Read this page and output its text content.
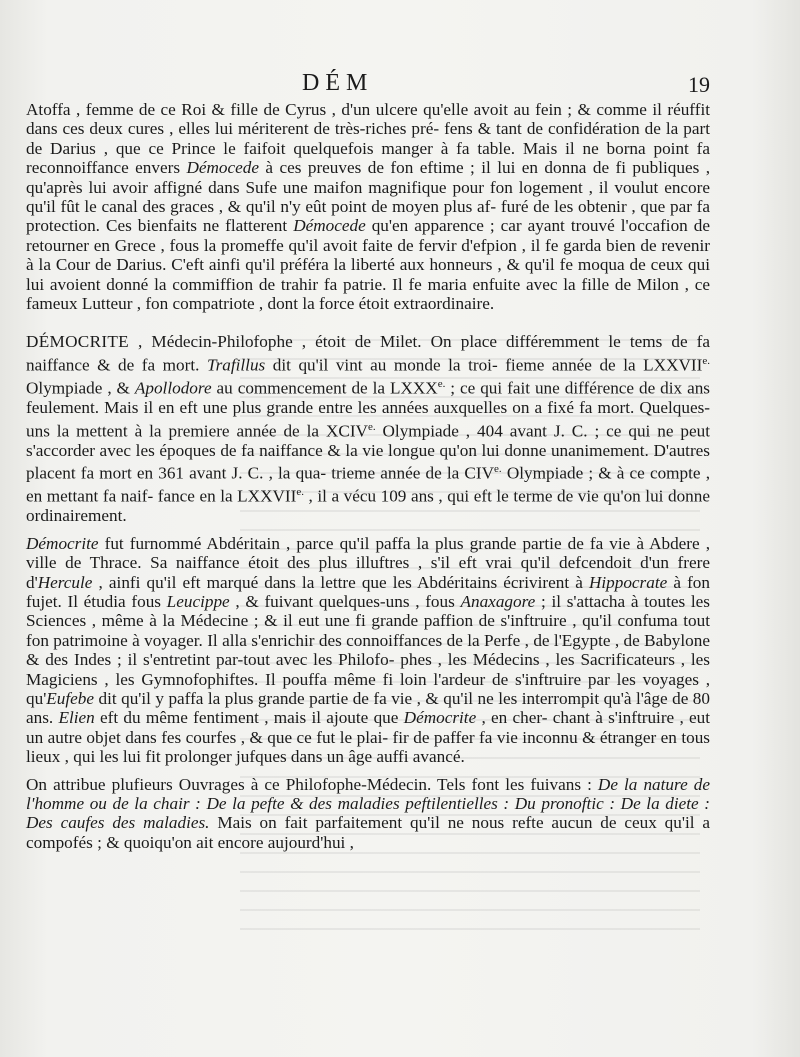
DÉM	19

Atoffa , femme de ce Roi & fille de Cyrus , d'un ulcere qu'elle avoit au fein ; & comme il réuffit dans ces deux cures , elles lui mériterent de très-riches pré- fens & tant de confidération de la part de Darius , que ce Prince le faifoit quelquefois manger à fa table. Mais il ne borna point fa reconnoiffance envers Démocede à ces preuves de fon eftime ; il lui en donna de fi publiques , qu'après lui avoir affigné dans Sufe une maifon magnifique pour fon logement , il voulut encore qu'il fût le canal des graces , & qu'il n'y eût point de moyen plus af- furé de les obtenir , que par fa protection. Ces bienfaits ne flatterent Démocede qu'en apparence ; car ayant trouvé l'occafion de retourner en Grece , fous la promeffe qu'il avoit faite de fervir d'efpion , il fe garda bien de revenir à la Cour de Darius. C'eft ainfi qu'il préféra la liberté aux honneurs , & qu'il fe moqua de ceux qui lui avoient donné la commiffion de trahir fa patrie. Il fe maria enfuite avec la fille de Milon , ce fameux Lutteur , fon compatriote , dont la force étoit extraordinaire.

DÉMOCRITE , Médecin-Philofophe , étoit de Milet. On place différemment le tems de fa naiffance & de fa mort. Trafillus dit qu'il vint au monde la troi- fieme année de la $LXXVII^{e.}$ Olympiade , & Apollodore au commencement de la $LXXX^{e.}$ ; ce qui fait une différence de dix ans feulement. Mais il en eft une plus grande entre les années auxquelles on a fixé fa mort. Quelques-uns la mettent à la premiere année de la $XCIV^{e.}$ Olympiade , 404 avant J. C. ; ce qui ne peut s'accorder avec les époques de fa naiffance & la vie longue qu'on lui donne unanimement. D'autres placent fa mort en 361 avant J. C. , la qua- trieme année de la $CIV^{e.}$ Olympiade ; & à ce compte , en mettant fa naif- fance en la $LXXVII^{e.}$ , il a vécu 109 ans , qui eft le terme de vie qu'on lui donne ordinairement.

Démocrite fut furnommé Abdéritain , parce qu'il paffa la plus grande partie de fa vie à Abdere , ville de Thrace. Sa naiffance étoit des plus illuftres , s'il eft vrai qu'il defcendoit d'un frere d'Hercule , ainfi qu'il eft marqué dans la lettre que les Abdéritains écrivirent à Hippocrate à fon fujet. Il étudia fous Leucippe , & fuivant quelques-uns , fous Anaxagore ; il s'attacha à toutes les Sciences , même à la Médecine ; & il eut une fi grande paffion de s'inftruire , qu'il confuma tout fon patrimoine à voyager. Il alla s'enrichir des connoiffances de la Perfe , de l'Egypte , de Babylone & des Indes ; il s'entretint par-tout avec les Philofo- phes , les Médecins , les Sacrificateurs , les Magiciens , les Gymnofophiftes. Il pouffa même fi loin l'ardeur de s'inftruire par les voyages , qu'Eufebe dit qu'il y paffa la plus grande partie de fa vie , & qu'il ne les interrompit qu'à l'âge de 80 ans. Elien eft du même fentiment , mais il ajoute que Démocrite , en cher- chant à s'inftruire , eut un autre objet dans fes courfes , & que ce fut le plai- fir de paffer fa vie inconnu & étranger en tous lieux , qui les lui fit prolonger jufques dans un âge auffi avancé.

On attribue plufieurs Ouvrages à ce Philofophe-Médecin. Tels font les fuivans : De la nature de l'homme ou de la chair : De la pefte & des maladies peftilentielles : Du pronoftic : De la diete : Des caufes des maladies. Mais on fait parfaitement qu'il ne nous refte aucun de ceux qu'il a compofés ; & quoiqu'on ait encore aujourd'hui ,
